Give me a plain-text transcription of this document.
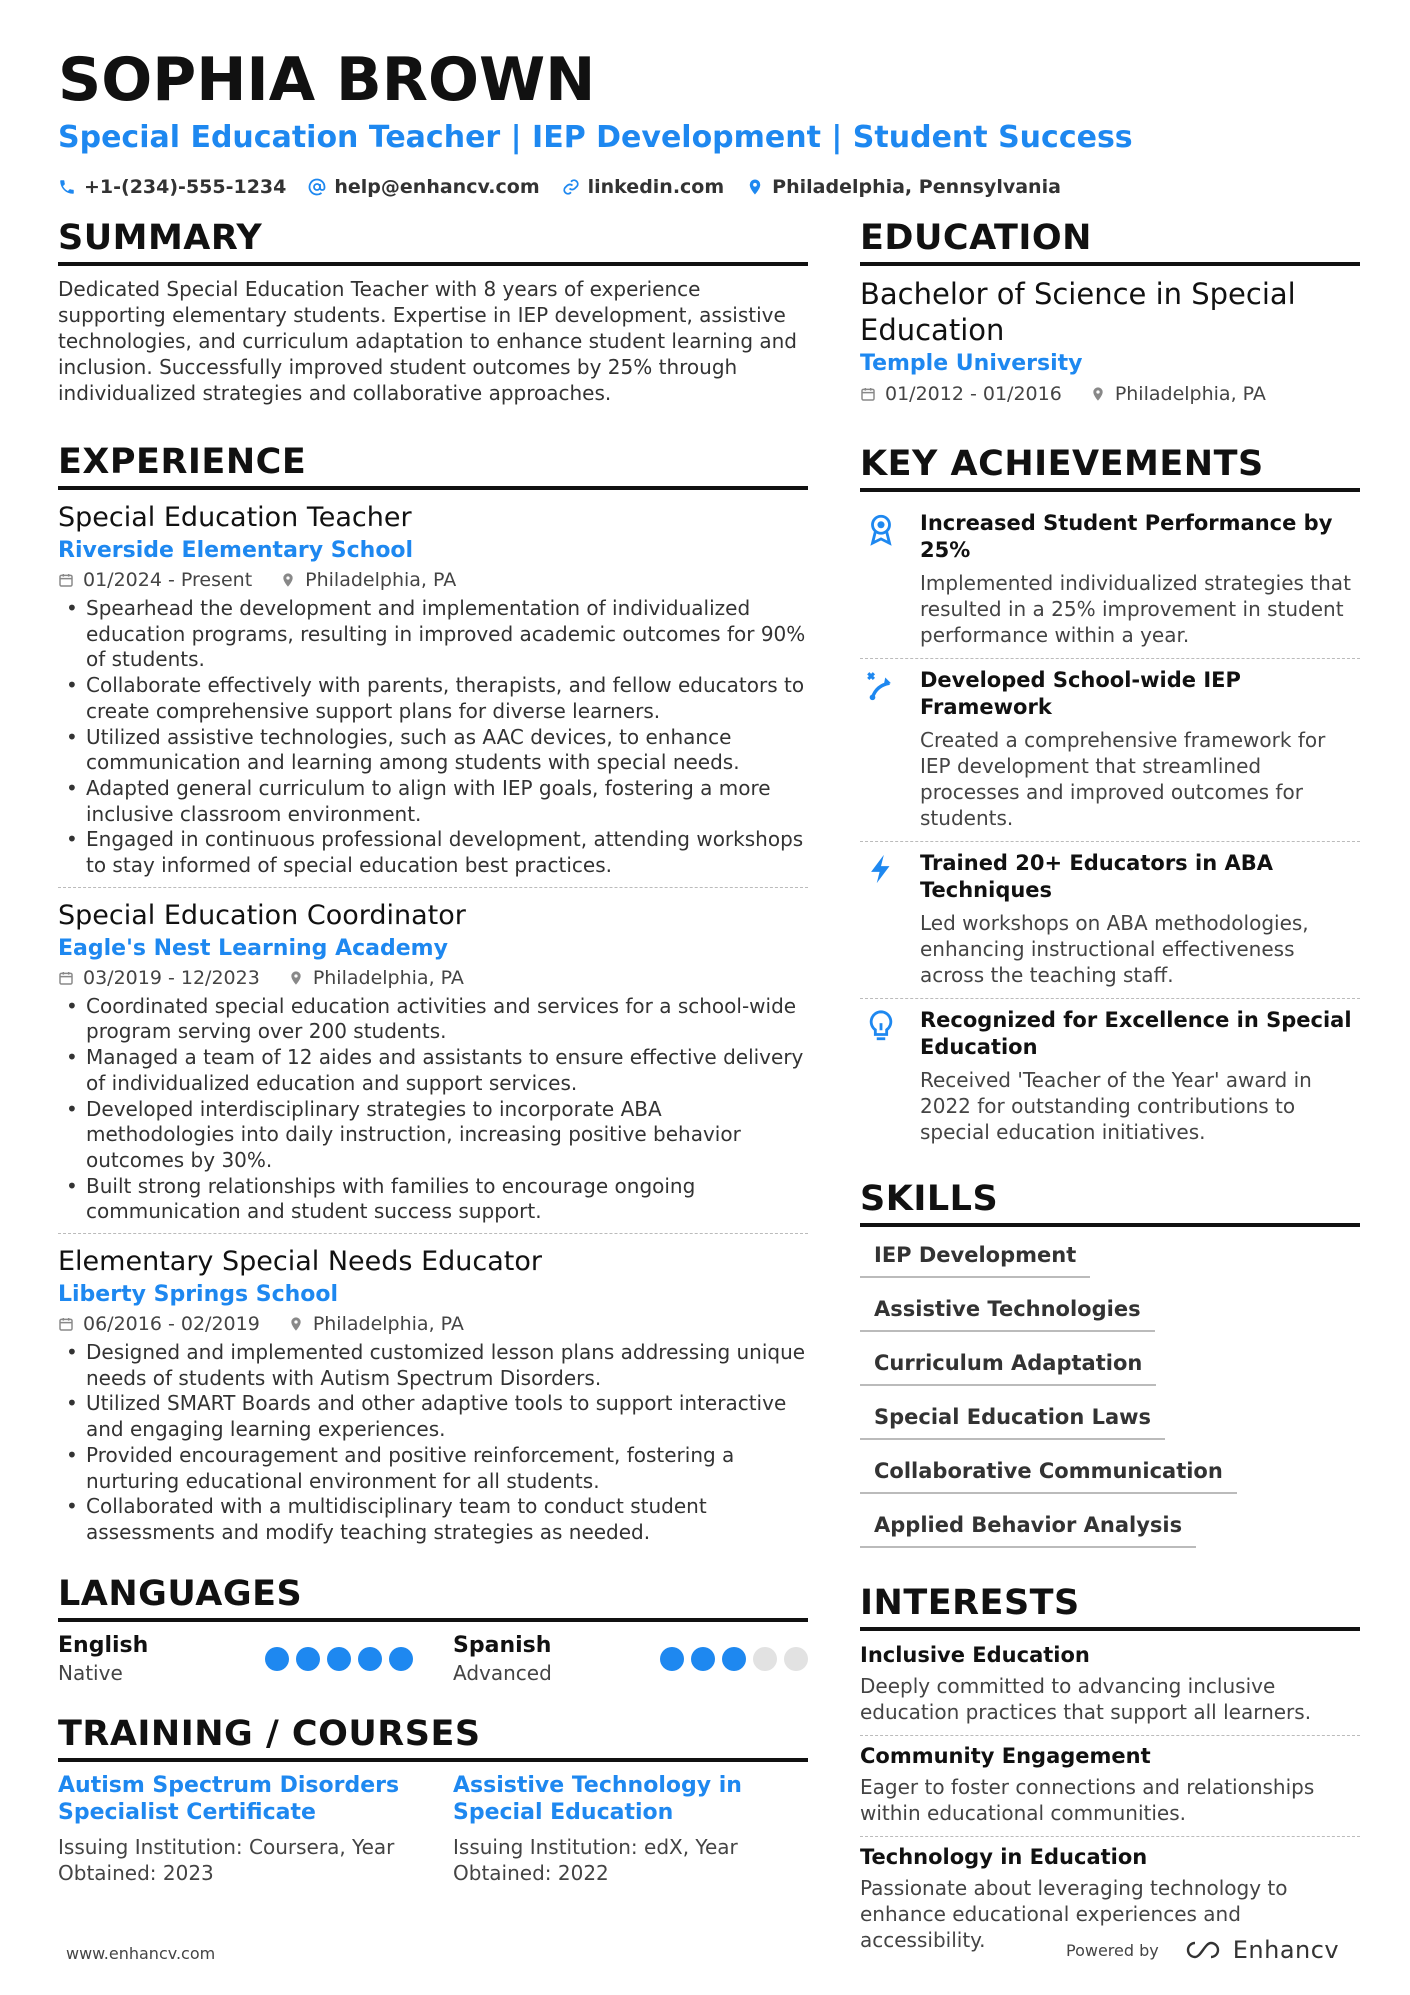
SOPHIA BROWN
Special Education Teacher | IEP Development | Student Success
+1-(234)-555-1234	help@enhancv.com	linkedin.com	Philadelphia, Pennsylvania
SUMMARY

Dedicated Special Education Teacher with 8 years of experience supporting elementary students. Expertise in IEP development, assistive technologies, and curriculum adaptation to enhance student learning and inclusion. Successfully improved student outcomes by 25% through individualized strategies and collaborative approaches.

EXPERIENCE
Special Education Teacher
Riverside Elementary School
01/2024 - Present	Philadelphia, PA
• Spearhead the development and implementation of individualized education programs, resulting in improved academic outcomes for 90% of students.
• Collaborate effectively with parents, therapists, and fellow educators to create comprehensive support plans for diverse learners.
• Utilized assistive technologies, such as AAC devices, to enhance communication and learning among students with special needs.
• Adapted general curriculum to align with IEP goals, fostering a more inclusive classroom environment.
• Engaged in continuous professional development, attending workshops to stay informed of special education best practices.
Special Education Coordinator
Eagle's Nest Learning Academy
03/2019 - 12/2023	Philadelphia, PA
• Coordinated special education activities and services for a school-wide program serving over 200 students.
• Managed a team of 12 aides and assistants to ensure effective delivery of individualized education and support services.
• Developed interdisciplinary strategies to incorporate ABA methodologies into daily instruction, increasing positive behavior outcomes by 30%.
• Built strong relationships with families to encourage ongoing communication and student success support.
Elementary Special Needs Educator
Liberty Springs School
06/2016 - 02/2019	Philadelphia, PA
• Designed and implemented customized lesson plans addressing unique needs of students with Autism Spectrum Disorders.
• Utilized SMART Boards and other adaptive tools to support interactive and engaging learning experiences.
• Provided encouragement and positive reinforcement, fostering a nurturing educational environment for all students.
• Collaborated with a multidisciplinary team to conduct student assessments and modify teaching strategies as needed.
LANGUAGES
English
Native
Spanish
Advanced
TRAINING / COURSES
Autism Spectrum Disorders Specialist Certificate
Issuing Institution: Coursera, Year Obtained: 2023
Assistive Technology in Special Education
Issuing Institution: edX, Year Obtained: 2022
EDUCATION
Bachelor of Science in Special Education
Temple University
01/2012 - 01/2016	Philadelphia, PA
KEY ACHIEVEMENTS
Increased Student Performance by 25%
Implemented individualized strategies that resulted in a 25% improvement in student performance within a year.
Developed School-wide IEP Framework
Created a comprehensive framework for IEP development that streamlined processes and improved outcomes for students.
Trained 20+ Educators in ABA Techniques
Led workshops on ABA methodologies, enhancing instructional effectiveness across the teaching staff.
Recognized for Excellence in Special Education
Received 'Teacher of the Year' award in 2022 for outstanding contributions to special education initiatives.
SKILLS
IEP Development
Assistive Technologies
Curriculum Adaptation
Special Education Laws
Collaborative Communication
Applied Behavior Analysis
INTERESTS
Inclusive Education
Deeply committed to advancing inclusive education practices that support all learners.
Community Engagement
Eager to foster connections and relationships within educational communities.
Technology in Education
Passionate about leveraging technology to enhance educational experiences and accessibility.
www.enhancv.com	Powered by	Enhancv
